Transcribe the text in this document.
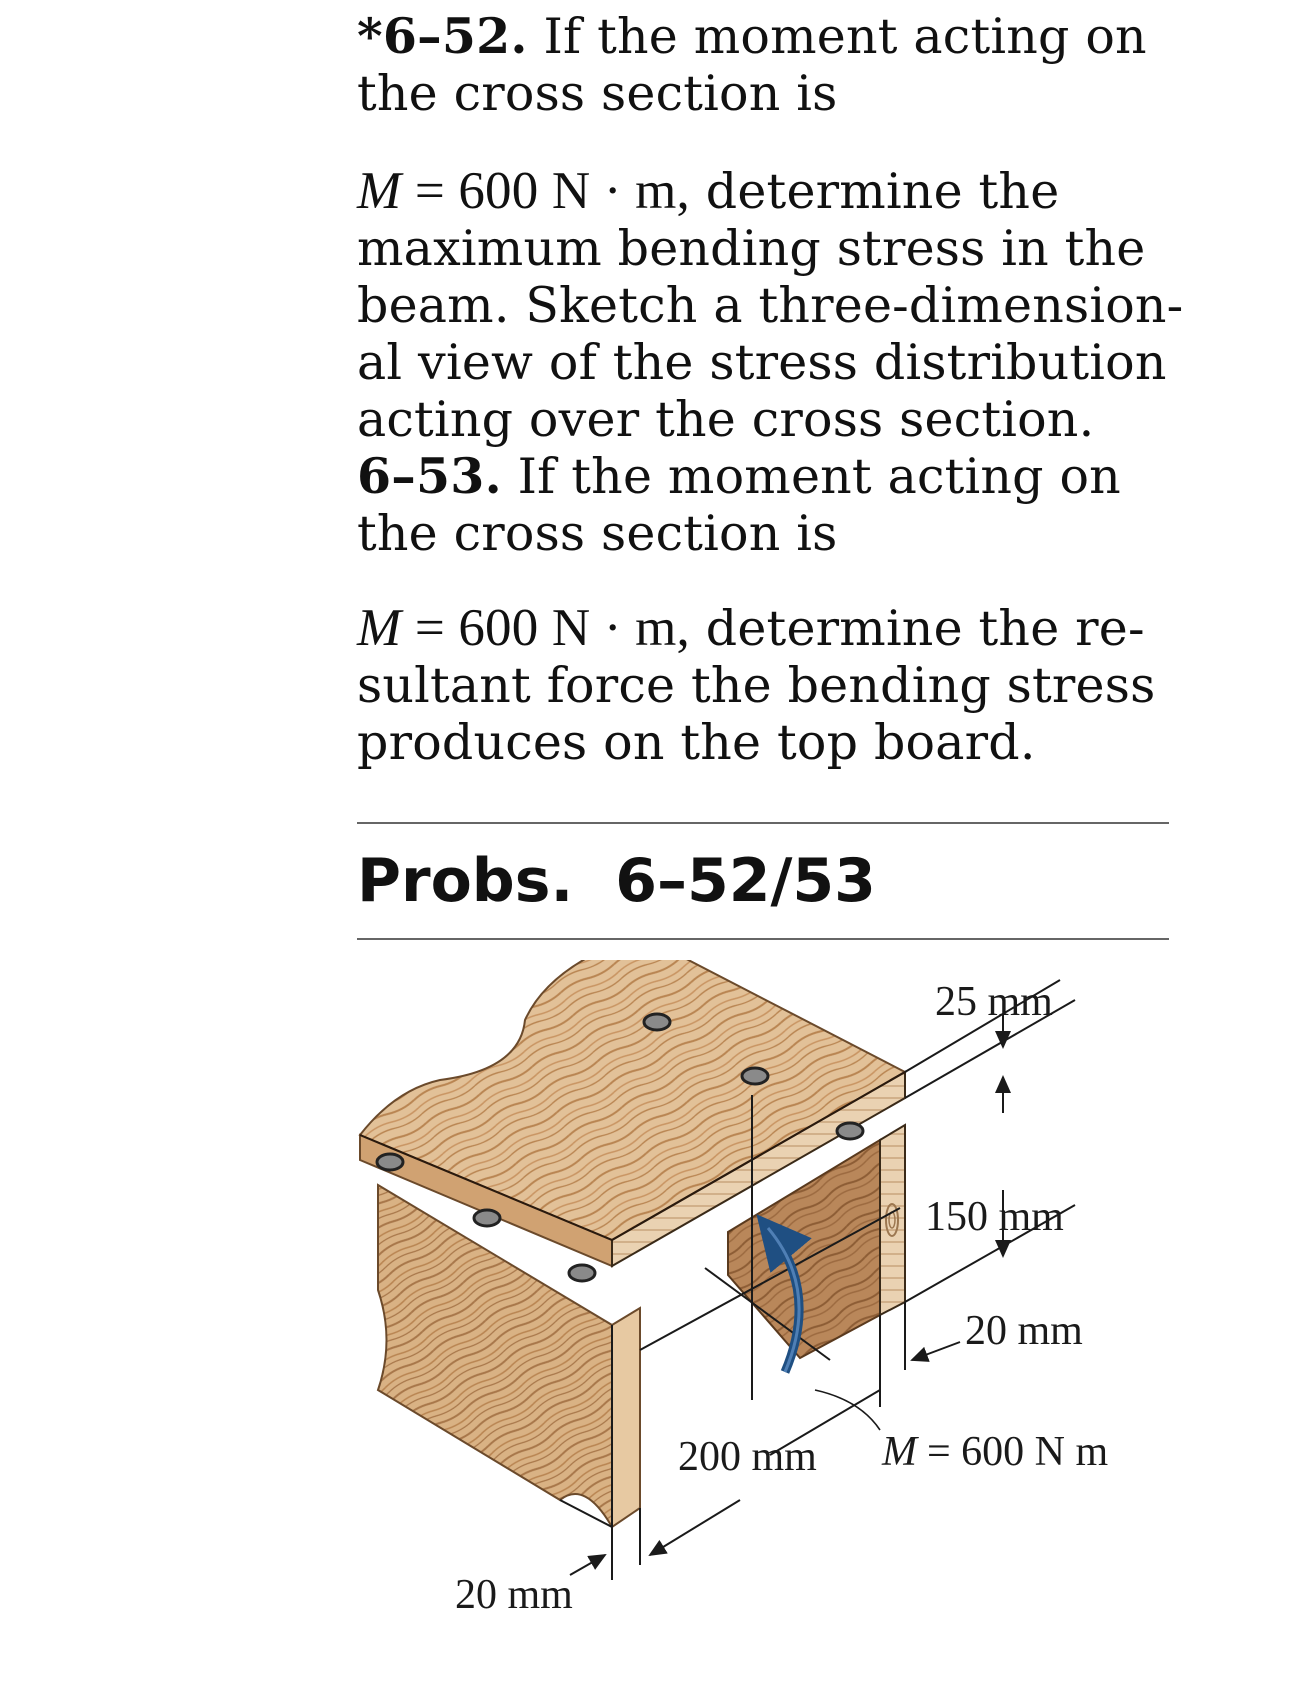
*6–52. If the moment acting on

the cross section is

M = 600 N · m, determine the

maximum bending stress in the

beam. Sketch a three-dimension-

al view of the stress distribution

acting over the cross section.

6–53. If the moment acting on

the cross section is

M = 600 N · m, determine the re-

sultant force the bending stress

produces on the top board.

Probs. 6–52/53
25 mm
150 mm
20 mm
200 mm
20 mm
M = 600 N m
